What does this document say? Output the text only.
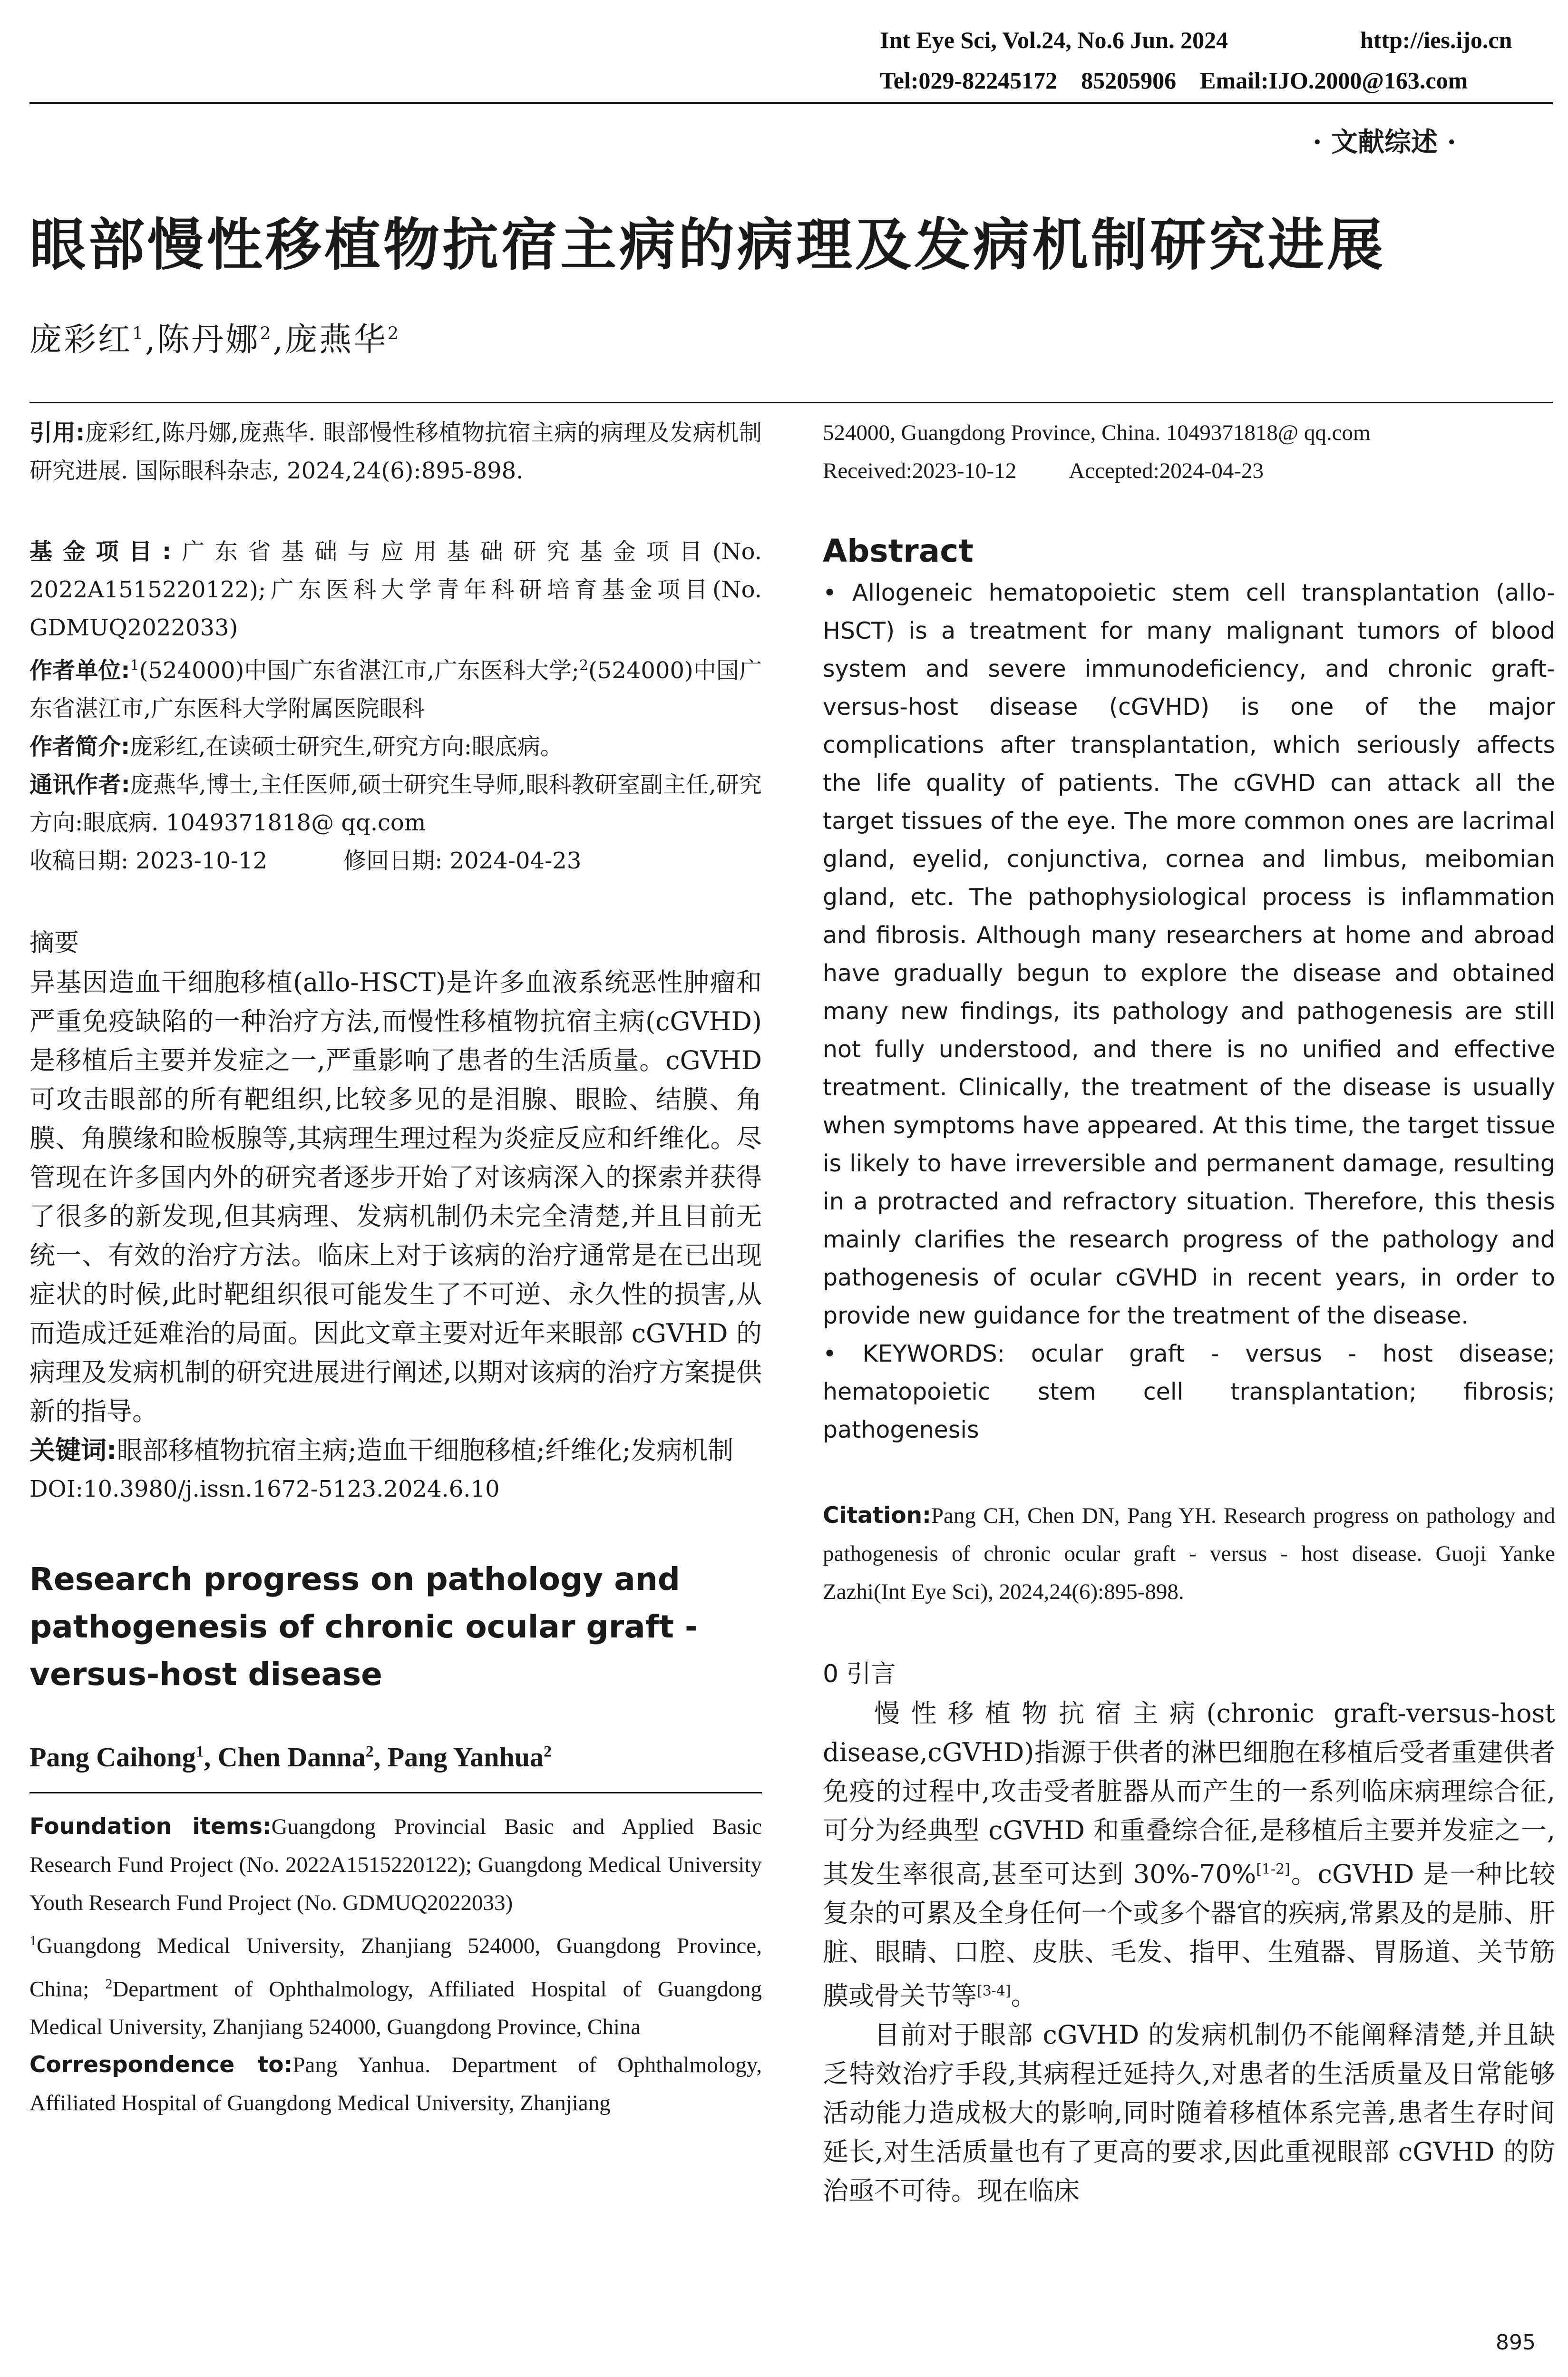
Int Eye Sci, Vol.24, No.6 Jun. 2024	http://ies.ijo.cn
Tel:029-82245172    85205906    Email:IJO.2000@163.com
· 文献综述 ·
眼部慢性移植物抗宿主病的病理及发病机制研究进展
庞彩红$^1$,陈丹娜$^2$,庞燕华$^2$

引用:庞彩红,陈丹娜,庞燕华. 眼部慢性移植物抗宿主病的病理及发病机制研究进展. 国际眼科杂志, 2024,24(6):895-898.

基金项目:广东省基础与应用基础研究基金项目(No. 2022A1515220122);广东医科大学青年科研培育基金项目(No. GDMUQ2022033)

作者单位:$^1$(524000)中国广东省湛江市,广东医科大学;$^2$(524000)中国广东省湛江市,广东医科大学附属医院眼科

作者简介:庞彩红,在读硕士研究生,研究方向:眼底病。

通讯作者:庞燕华,博士,主任医师,硕士研究生导师,眼科教研室副主任,研究方向:眼底病. 1049371818@ qq.com

收稿日期: 2023-10-12	修回日期: 2024-04-23

摘要

异基因造血干细胞移植(allo-HSCT)是许多血液系统恶性肿瘤和严重免疫缺陷的一种治疗方法,而慢性移植物抗宿主病(cGVHD)是移植后主要并发症之一,严重影响了患者的生活质量。cGVHD 可攻击眼部的所有靶组织,比较多见的是泪腺、眼睑、结膜、角膜、角膜缘和睑板腺等,其病理生理过程为炎症反应和纤维化。尽管现在许多国内外的研究者逐步开始了对该病深入的探索并获得了很多的新发现,但其病理、发病机制仍未完全清楚,并且目前无统一、有效的治疗方法。临床上对于该病的治疗通常是在已出现症状的时候,此时靶组织很可能发生了不可逆、永久性的损害,从而造成迁延难治的局面。因此文章主要对近年来眼部 cGVHD 的病理及发病机制的研究进展进行阐述,以期对该病的治疗方案提供新的指导。

关键词:眼部移植物抗宿主病;造血干细胞移植;纤维化;发病机制

DOI:10.3980/j.issn.1672-5123.2024.6.10

Research progress on pathology and pathogenesis of chronic ocular graft - versus-host disease

Pang Caihong$^1$, Chen Danna$^2$, Pang Yanhua$^2$

Foundation items:Guangdong Provincial Basic and Applied Basic Research Fund Project (No. 2022A1515220122); Guangdong Medical University Youth Research Fund Project (No. GDMUQ2022033)

$^1$Guangdong Medical University, Zhanjiang 524000, Guangdong Province, China; $^2$Department of Ophthalmology, Affiliated Hospital of Guangdong Medical University, Zhanjiang 524000, Guangdong Province, China

Correspondence to:Pang Yanhua. Department of Ophthalmology, Affiliated Hospital of Guangdong Medical University, Zhanjiang

524000, Guangdong Province, China. 1049371818@ qq.com

Received:2023-10-12 Accepted:2024-04-23

Abstract

• Allogeneic hematopoietic stem cell transplantation (allo-HSCT) is a treatment for many malignant tumors of blood system and severe immunodeficiency, and chronic graft-versus-host disease (cGVHD) is one of the major complications after transplantation, which seriously affects the life quality of patients. The cGVHD can attack all the target tissues of the eye. The more common ones are lacrimal gland, eyelid, conjunctiva, cornea and limbus, meibomian gland, etc. The pathophysiological process is inflammation and fibrosis. Although many researchers at home and abroad have gradually begun to explore the disease and obtained many new findings, its pathology and pathogenesis are still not fully understood, and there is no unified and effective treatment. Clinically, the treatment of the disease is usually when symptoms have appeared. At this time, the target tissue is likely to have irreversible and permanent damage, resulting in a protracted and refractory situation. Therefore, this thesis mainly clarifies the research progress of the pathology and pathogenesis of ocular cGVHD in recent years, in order to provide new guidance for the treatment of the disease.

• KEYWORDS: ocular graft - versus - host disease; hematopoietic stem cell transplantation; fibrosis; pathogenesis

Citation:Pang CH, Chen DN, Pang YH. Research progress on pathology and pathogenesis of chronic ocular graft - versus - host disease. Guoji Yanke Zazhi(Int Eye Sci), 2024,24(6):895-898.

0 引言

慢性移植物抗宿主病(chronic graft-versus-host disease,cGVHD)指源于供者的淋巴细胞在移植后受者重建供者免疫的过程中,攻击受者脏器从而产生的一系列临床病理综合征,可分为经典型 cGVHD 和重叠综合征,是移植后主要并发症之一,其发生率很高,甚至可达到 30%-70%[1-2]。cGVHD 是一种比较复杂的可累及全身任何一个或多个器官的疾病,常累及的是肺、肝脏、眼睛、口腔、皮肤、毛发、指甲、生殖器、胃肠道、关节筋膜或骨关节等[3-4]。

目前对于眼部 cGVHD 的发病机制仍不能阐释清楚,并且缺乏特效治疗手段,其病程迁延持久,对患者的生活质量及日常能够活动能力造成极大的影响,同时随着移植体系完善,患者生存时间延长,对生活质量也有了更高的要求,因此重视眼部 cGVHD 的防治亟不可待。现在临床

895
